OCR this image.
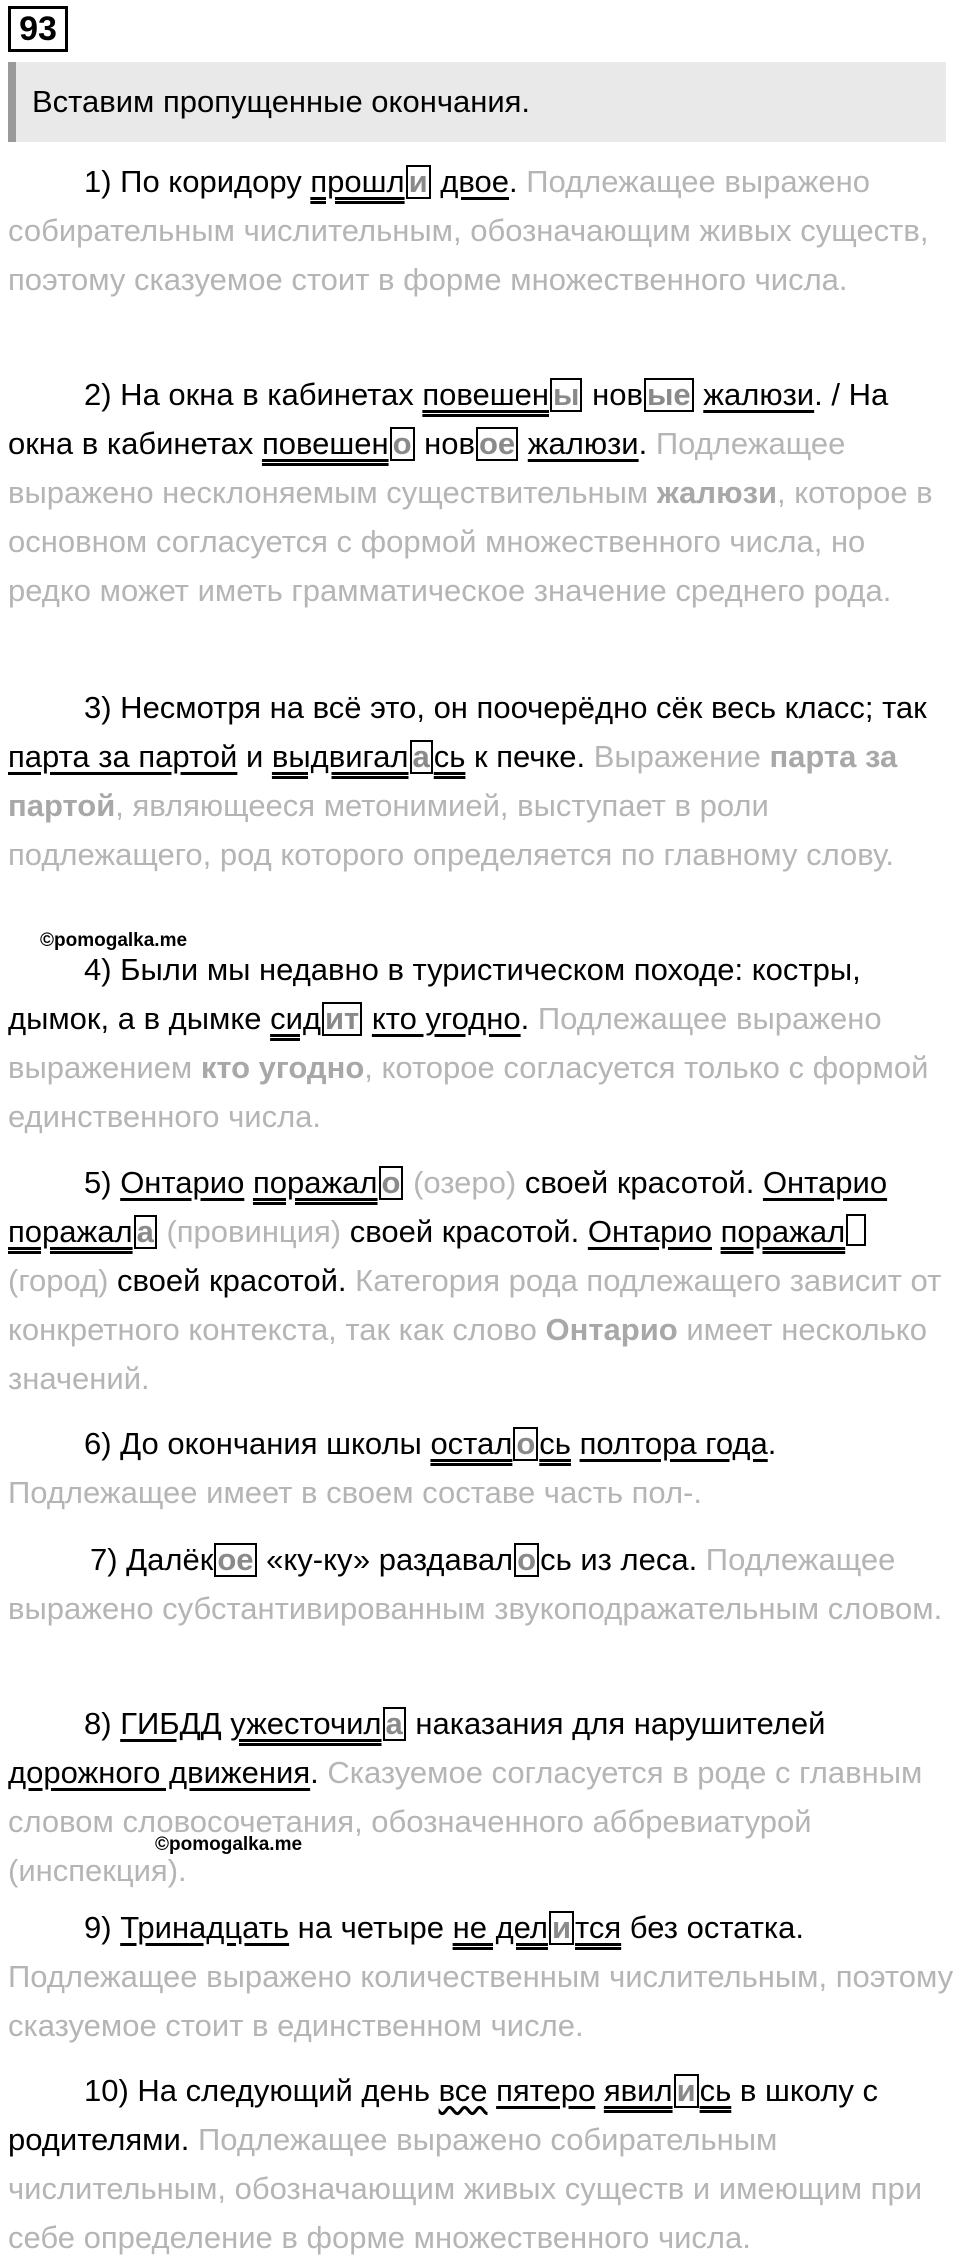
93
Вставим пропущенные окончания.

1) По коридору прошл и двое. Подлежащее выражено собирательным числительным, обозначающим живых существ, поэтому сказуемое стоит в форме множественного числа.

2) На окна в кабинетах повешен ы нов ые жалюзи. / На окна в кабинетах повешен о нов ое жалюзи. Подлежащее выражено несклоняемым существительным жалюзи, которое в основном согласуется с формой множественного числа, но редко может иметь грамматическое значение среднего рода.

3) Несмотря на всё это, он поочерёдно сёк весь класс; так парта за партой и выдвигал а сь к печке. Выражение парта за партой, являющееся метонимией, выступает в роли подлежащего, род которого определяется по главному слову.

©pomogalka.me

4) Были мы недавно в туристическом походе: костры, дымок, а в дымке сид ит кто угодно. Подлежащее выражено выражением кто угодно, которое согласуется только с формой единственного числа.

5) Онтарио поражал о (озеро) своей красотой. Онтарио поражал а (провинция) своей красотой. Онтарио поражал
(город) своей красотой. Категория рода подлежащего зависит от конкретного контекста, так как слово Онтарио имеет несколько значений.

6) До окончания школы остал о сь полтора года.
Подлежащее имеет в своем составе часть пол-.

7) Далёк ое «ку-ку» раздавал о сь из леса. Подлежащее выражено субстантивированным звукоподражательным словом.

8) ГИБДД ужесточил а наказания для нарушителей дорожного движения. Сказуемое согласуется в роде с главным словом словосочетания, обозначенного аббревиатурой (инспекция).

©pomogalka.me

9) Тринадцать на четыре не дел и тся без остатка.
Подлежащее выражено количественным числительным, поэтому сказуемое стоит в единственном числе.

10) На следующий день все пятеро явил и сь в школу с родителями. Подлежащее выражено собирательным числительным, обозначающим живых существ и имеющим при себе определение в форме множественного числа.
